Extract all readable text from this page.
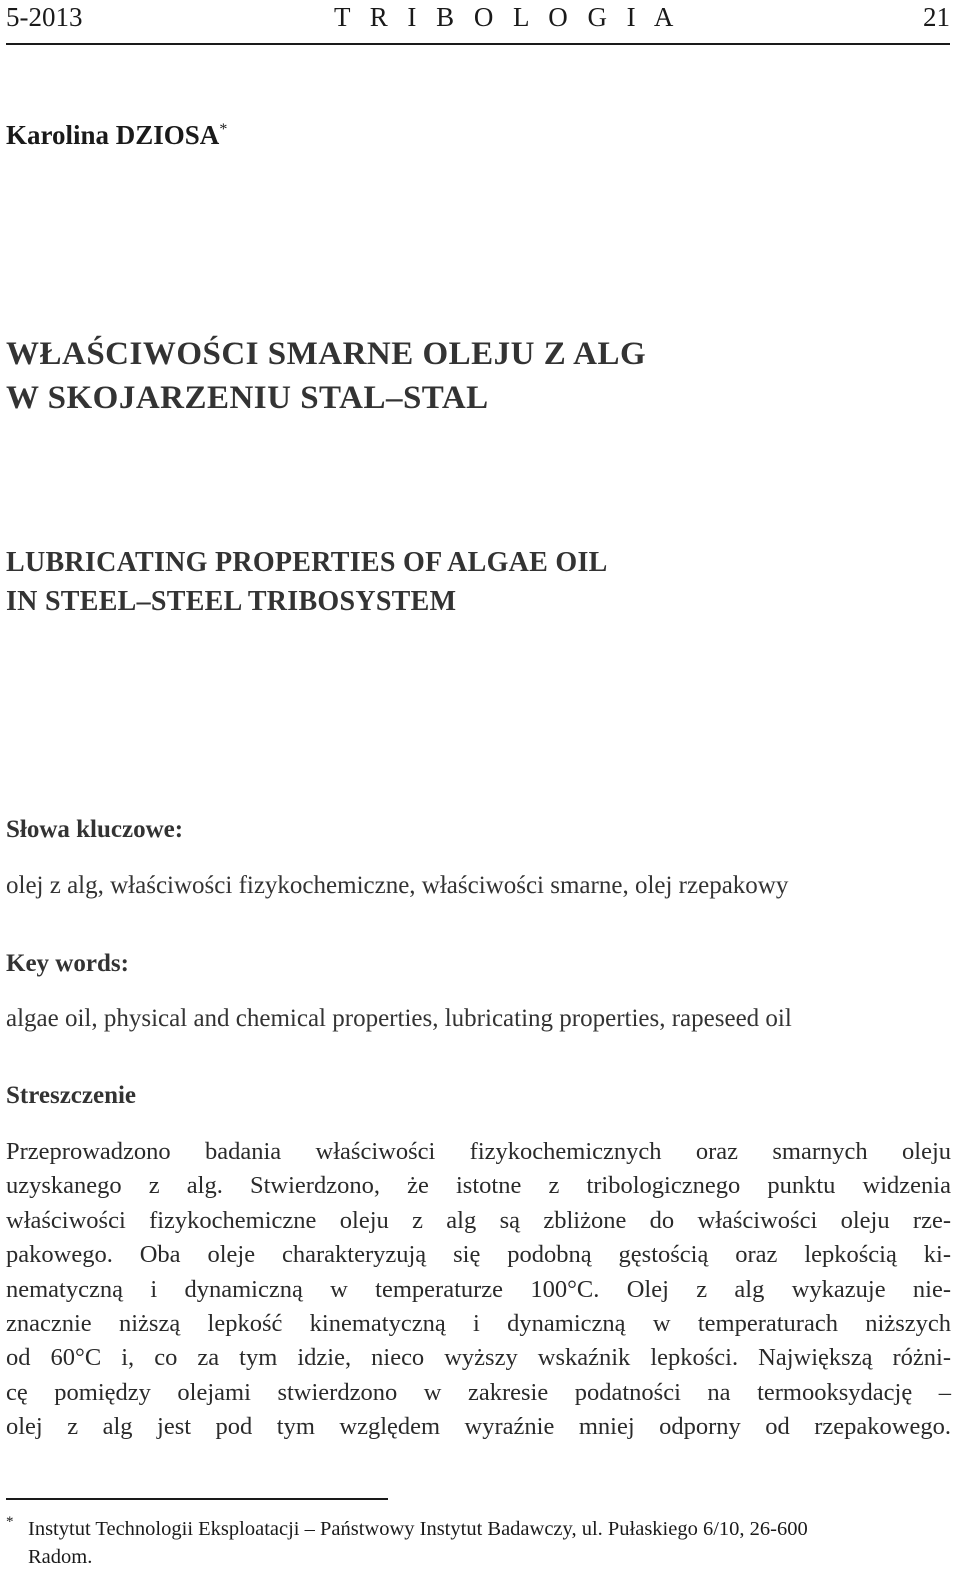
5-2013	T R I B O L O G I A	21
Karolina DZIOSA*
WŁAŚCIWOŚCI SMARNE OLEJU Z ALG
W SKOJARZENIU STAL–STAL
LUBRICATING PROPERTIES OF ALGAE OIL
IN STEEL–STEEL TRIBOSYSTEM
Słowa kluczowe:
olej z alg, właściwości fizykochemiczne, właściwości smarne, olej rzepakowy
Key words:
algae oil, physical and chemical properties, lubricating properties, rapeseed oil
Streszczenie
Przeprowadzono badania właściwości fizykochemicznych oraz smarnych oleju
uzyskanego z alg. Stwierdzono, że istotne z tribologicznego punktu widzenia
właściwości fizykochemiczne oleju z alg są zbliżone do właściwości oleju rze-
pakowego. Oba oleje charakteryzują się podobną gęstością oraz lepkością ki-
nematyczną i dynamiczną w temperaturze 100°C. Olej z alg wykazuje nie-
znacznie niższą lepkość kinematyczną i dynamiczną w temperaturach niższych
od 60°C i, co za tym idzie, nieco wyższy wskaźnik lepkości. Największą różni-
cę pomiędzy olejami stwierdzono w zakresie podatności na termooksydację –
olej z alg jest pod tym względem wyraźnie mniej odporny od rzepakowego.
* Instytut Technologii Eksploatacji – Państwowy Instytut Badawczy, ul. Pułaskiego 6/10, 26-600
Radom.
